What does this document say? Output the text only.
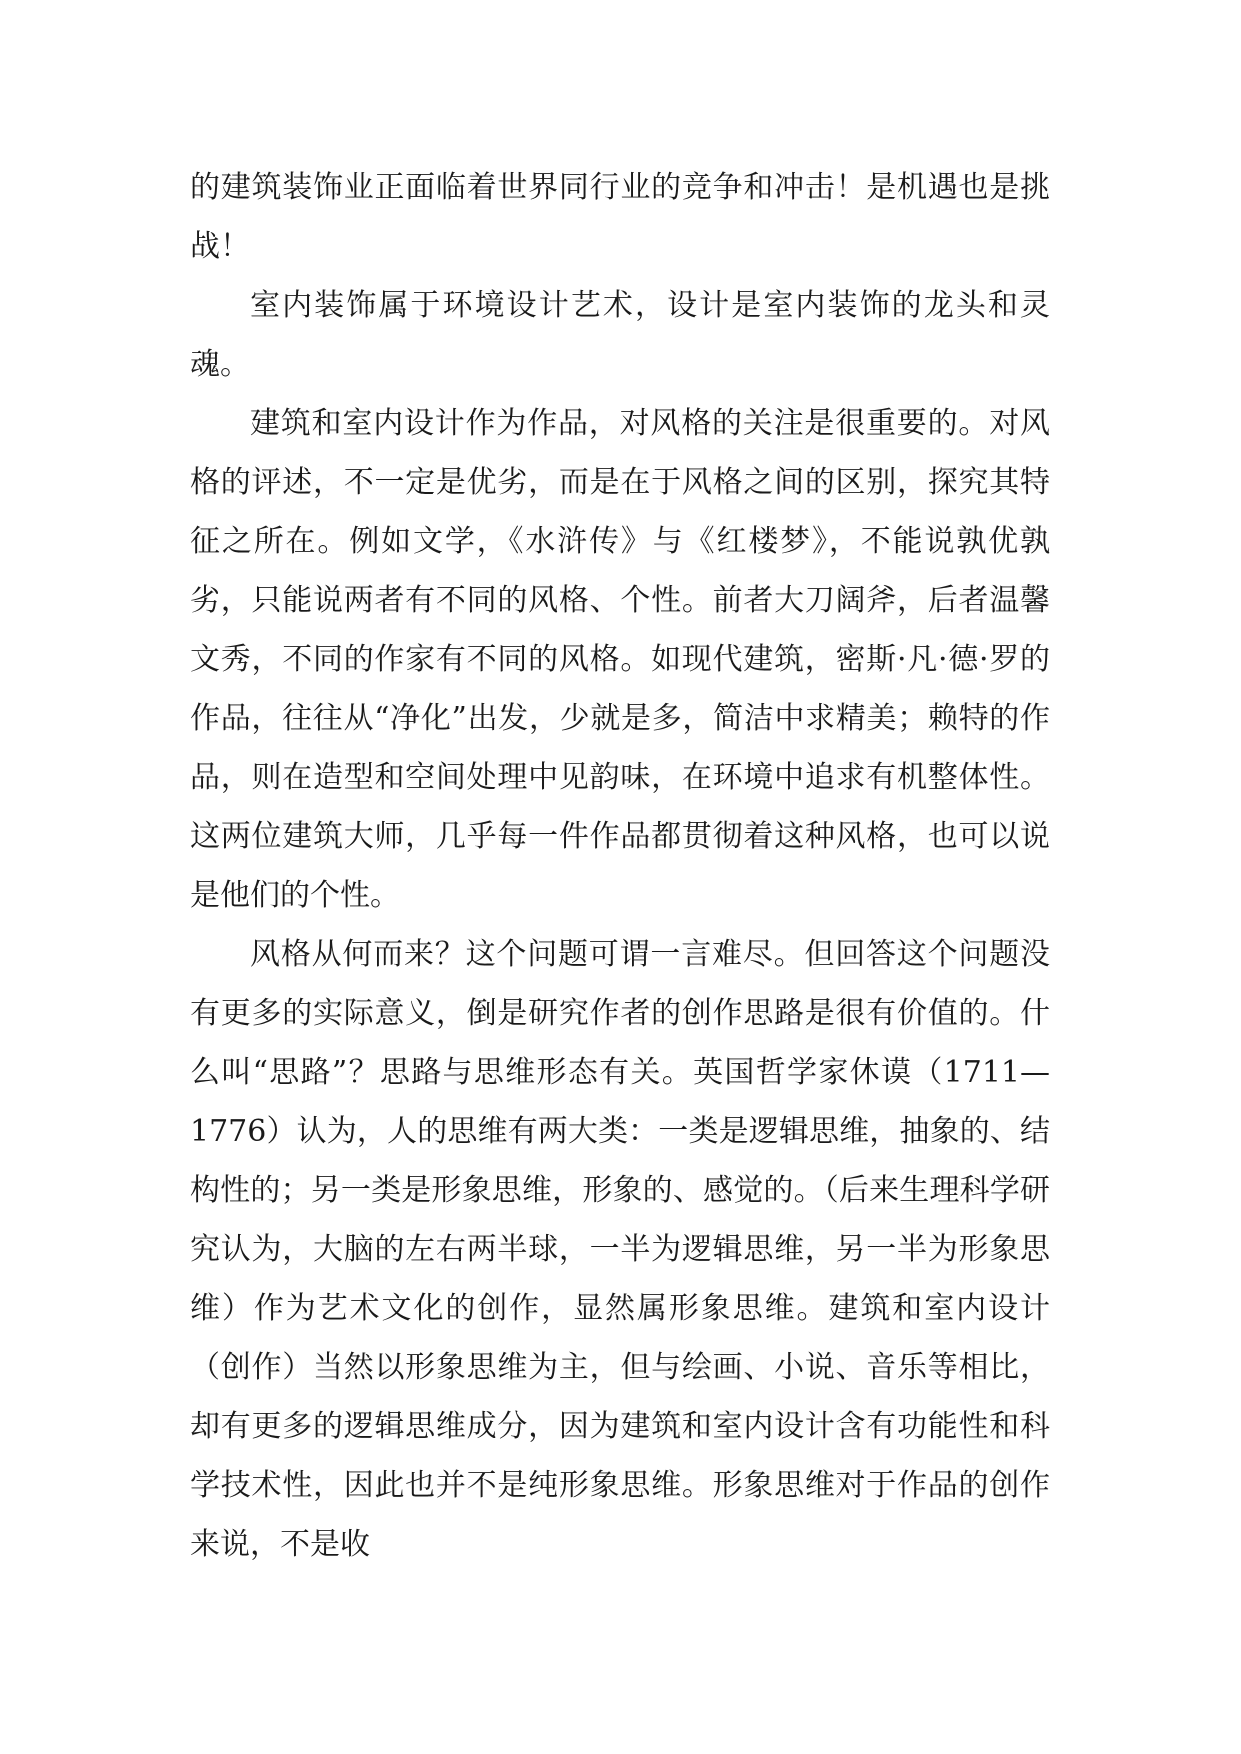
的建筑装饰业正面临着世界同行业的竞争和冲击！是机遇也是挑战！

室内装饰属于环境设计艺术，设计是室内装饰的龙头和灵魂。

建筑和室内设计作为作品，对风格的关注是很重要的。对风格的评述，不一定是优劣，而是在于风格之间的区别，探究其特征之所在。例如文学，《水浒传》与《红楼梦》，不能说孰优孰劣，只能说两者有不同的风格、个性。前者大刀阔斧，后者温馨文秀，不同的作家有不同的风格。如现代建筑，密斯·凡·德·罗的作品，往往从“净化”出发，少就是多，简洁中求精美；赖特的作品，则在造型和空间处理中见韵味，在环境中追求有机整体性。这两位建筑大师，几乎每一件作品都贯彻着这种风格，也可以说是他们的个性。

风格从何而来？这个问题可谓一言难尽。但回答这个问题没有更多的实际意义，倒是研究作者的创作思路是很有价值的。什么叫“思路”？思路与思维形态有关。英国哲学家休谟（1711—1776）认为，人的思维有两大类：一类是逻辑思维，抽象的、结构性的；另一类是形象思维，形象的、感觉的。（后来生理科学研究认为，大脑的左右两半球，一半为逻辑思维，另一半为形象思维）作为艺术文化的创作，显然属形象思维。建筑和室内设计（创作）当然以形象思维为主，但与绘画、小说、音乐等相比，却有更多的逻辑思维成分，因为建筑和室内设计含有功能性和科学技术性，因此也并不是纯形象思维。形象思维对于作品的创作来说，不是收
